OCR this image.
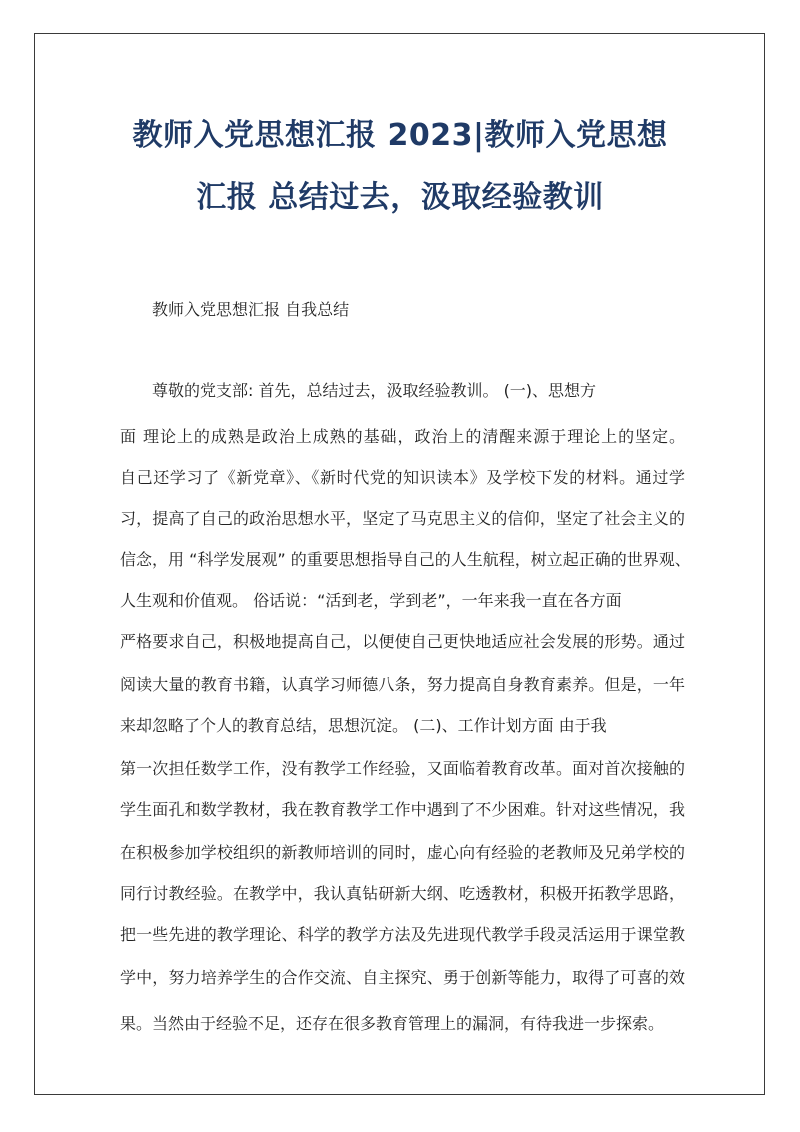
教师入党思想汇报 2023|教师入党思想
汇报 总结过去，汲取经验教训
教师入党思想汇报 自我总结
尊敬的党支部: 首先，总结过去，汲取经验教训。 (一)、思想方
面 理论上的成熟是政治上成熟的基础，政治上的清醒来源于理论上的坚定。
自己还学习了《新党章》、《新时代党的知识读本》及学校下发的材料。通过学
习，提高了自己的政治思想水平，坚定了马克思主义的信仰，坚定了社会主义的
信念，用 “科学发展观” 的重要思想指导自己的人生航程，树立起正确的世界观、
人生观和价值观。 俗话说：“活到老，学到老”，一年来我一直在各方面
严格要求自己，积极地提高自己，以便使自己更快地适应社会发展的形势。通过
阅读大量的教育书籍，认真学习师德八条，努力提高自身教育素养。但是，一年
来却忽略了个人的教育总结，思想沉淀。 (二)、工作计划方面 由于我
第一次担任数学工作，没有教学工作经验，又面临着教育改革。面对首次接触的
学生面孔和数学教材，我在教育教学工作中遇到了不少困难。针对这些情况，我
在积极参加学校组织的新教师培训的同时，虚心向有经验的老教师及兄弟学校的
同行讨教经验。在教学中，我认真钻研新大纲、吃透教材，积极开拓教学思路，
把一些先进的教学理论、科学的教学方法及先进现代教学手段灵活运用于课堂教
学中，努力培养学生的合作交流、自主探究、勇于创新等能力，取得了可喜的效
果。当然由于经验不足，还存在很多教育管理上的漏洞，有待我进一步探索。
